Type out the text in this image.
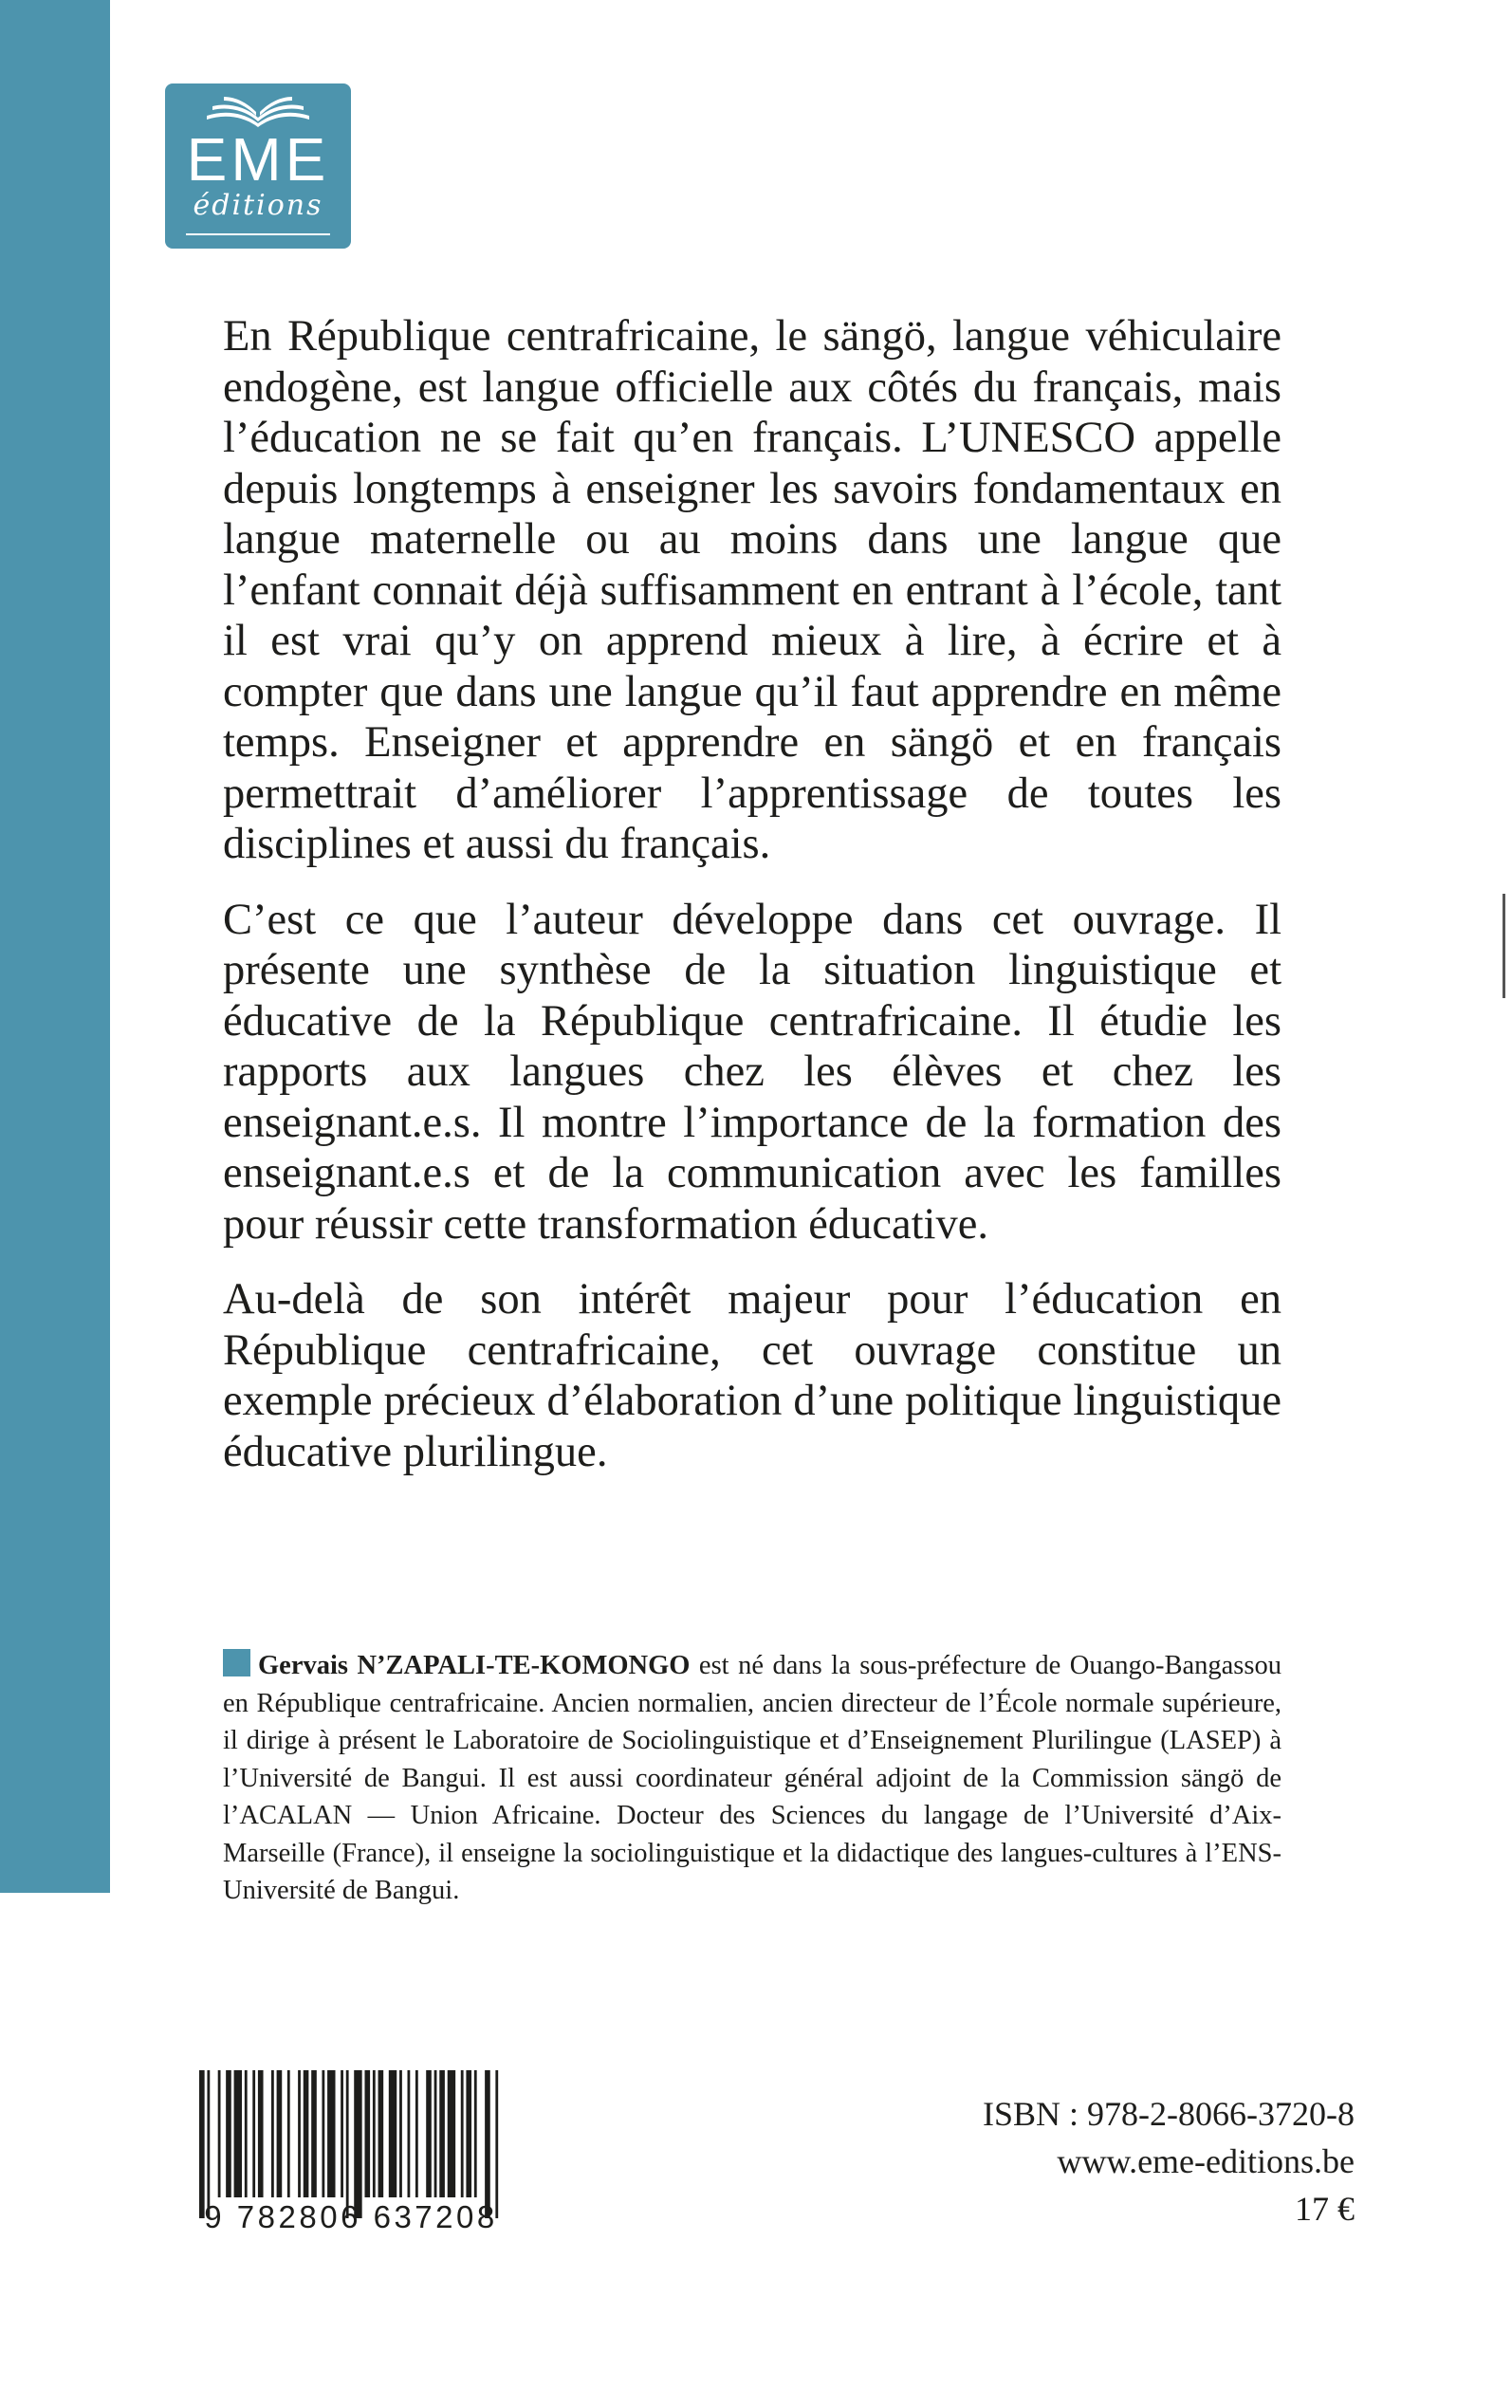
EME
éditions

En République centrafricaine, le sängö, langue véhiculaire endogène, est langue officielle aux côtés du français, mais l’éducation ne se fait qu’en français. L’UNESCO appelle depuis longtemps à enseigner les savoirs fondamentaux en langue maternelle ou au moins dans une langue que l’enfant connait déjà suffisamment en entrant à l’école, tant il est vrai qu’y on apprend mieux à lire, à écrire et à compter que dans une langue qu’il faut apprendre en même temps. Enseigner et apprendre en sängö et en français permettrait d’améliorer l’apprentissage de toutes les disciplines et aussi du français.

C’est ce que l’auteur développe dans cet ouvrage. Il présente une synthèse de la situation linguistique et éducative de la République centrafricaine. Il étudie les rapports aux langues chez les élèves et chez les enseignant.e.s. Il montre l’importance de la formation des enseignant.e.s et de la communication avec les familles pour réussir cette transformation éducative.

Au-delà de son intérêt majeur pour l’éducation en République centrafricaine, cet ouvrage constitue un exemple précieux d’élaboration d’une politique linguistique éducative plurilingue.

Gervais N’ZAPALI-TE-KOMONGO est né dans la sous-préfecture de Ouango-Bangassou en République centrafricaine. Ancien normalien, ancien directeur de l’École normale supérieure, il dirige à présent le Laboratoire de Sociolinguistique et d’Enseignement Plurilingue (LASEP) à l’Université de Bangui. Il est aussi coordinateur général adjoint de la Commission sängö de l’ACALAN — Union Africaine. Docteur des Sciences du langage de l’Université d’Aix-Marseille (France), il enseigne la sociolinguistique et la didactique des langues-cultures à l’ENS-Université de Bangui.
9 782806 637208
ISBN : 978-2-8066-3720-8
www.eme-editions.be
17 €
